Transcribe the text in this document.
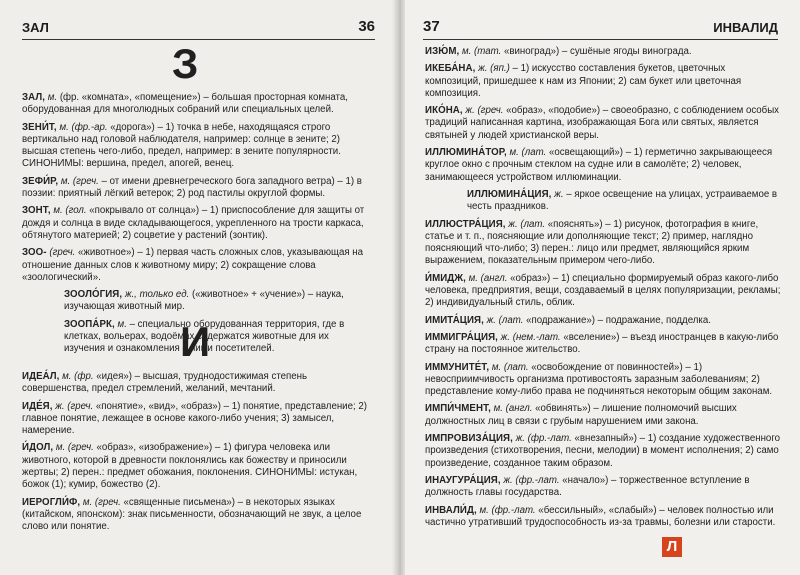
ЗАЛ	36
З
ЗАЛ, м. (фр. «комната», «помещение») – большая просторная комната, оборудованная для многолюдных собраний или специальных целей.
ЗЕНИ́Т, м. (фр.-ар. «дорога») – 1) точка в небе, находящаяся строго вертикально над головой наблюдателя, например: солнце в зените; 2) высшая степень чего-либо, предел, например: в зените популярности. СИНОНИМЫ: вершина, предел, апогей, венец.
ЗЕФИ́Р, м. (греч. – от имени древнегреческого бога западного ветра) – 1) в поэзии: приятный лёгкий ветерок; 2) род пастилы округлой формы.
ЗОНТ, м. (гол. «покрывало от солнца») – 1) приспособление для защиты от дождя и солнца в виде складывающегося, укрепленного на трости каркаса, обтянутого материей; 2) соцветие у растений (зонтик).
ЗОО- (греч. «животное») – 1) первая часть сложных слов, указывающая на отношение данных слов к животному миру; 2) сокращение слова «зоологический».
ЗООЛО́ГИЯ, ж., только ед. («животное» + «учение») – наука, изучающая животный мир.
ЗООПА́РК, м. – специально оборудованная территория, где в клетках, вольерах, водоёмах содержатся животные для их изучения и ознакомления с ними посетителей.
И
ИДЕА́Л, м. (фр. «идея») – высшая, труднодостижимая степень совершенства, предел стремлений, желаний, мечтаний.
ИДЕ́Я, ж. (греч. «понятие», «вид», «образ») – 1) понятие, представление; 2) главное понятие, лежащее в основе какого-либо учения; 3) замысел, намерение.
И́ДОЛ, м. (греч. «образ», «изображение») – 1) фигура человека или животного, которой в древности поклонялись как божеству и приносили жертвы; 2) перен.: предмет обожания, поклонения. СИНОНИМЫ: истукан, божок (1); кумир, божество (2).
ИЕРОГЛИ́Ф, м. (греч. «священные письмена») – в некоторых языках (китайском, японском): знак письменности, обозначающий не звук, а целое слово или понятие.
37	ИНВАЛИД
ИЗЮ́М, м. (тат. «виноград») – сушёные ягоды винограда.
ИКЕБА́НА, ж. (яп.) – 1) искусство составления букетов, цветочных композиций, пришедшее к нам из Японии; 2) сам букет или цветочная композиция.
ИКО́НА, ж. (греч. «образ», «подобие») – своеобразно, с соблюдением особых традиций написанная картина, изображающая Бога или святых, является святыней у людей христианской веры.
ИЛЛЮМИНА́ТОР, м. (лат. «освещающий») – 1) герметично закрывающееся круглое окно с прочным стеклом на судне или в самолёте; 2) человек, занимающееся устройством иллюминации.
ИЛЛЮМИНА́ЦИЯ, ж. – яркое освещение на улицах, устраиваемое в честь праздников.
ИЛЛЮСТРА́ЦИЯ, ж. (лат. «пояснять») – 1) рисунок, фотография в книге, статье и т. п., поясняющие или дополняющие текст; 2) пример, наглядно поясняющий что-либо; 3) перен.: лицо или предмет, являющийся ярким выражением, показательным примером чего-либо.
И́МИДЖ, м. (англ. «образ») – 1) специально формируемый образ какого-либо человека, предприятия, вещи, создаваемый в целях популяризации, рекламы; 2) индивидуальный стиль, облик.
ИМИТА́ЦИЯ, ж. (лат. «подражание») – подражание, подделка.
ИММИГРА́ЦИЯ, ж. (нем.-лат. «вселение») – въезд иностранцев в какую-либо страну на постоянное жительство.
ИММУНИТЕ́Т, м. (лат. «освобождение от повинностей») – 1) невосприимчивость организма противостоять заразным заболеваниям; 2) представление кому-либо права не подчиняться некоторым общим законам.
ИМПИ́ЧМЕНТ, м. (англ. «обвинять») – лишение полномочий высших должностных лиц в связи с грубым нарушением ими закона.
ИМПРОВИЗА́ЦИЯ, ж. (фр.-лат. «внезапный») – 1) создание художественного произведения (стихотворения, песни, мелодии) в момент исполнения; 2) само произведение, созданное таким образом.
ИНАУГУРА́ЦИЯ, ж. (фр.-лат. «начало») – торжественное вступление в должность главы государства.
ИНВАЛИ́Д, м. (фр.-лат. «бессильный», «слабый») – человек полностью или частично утративший трудоспособность из-за травмы, болезни или старости.
Л
